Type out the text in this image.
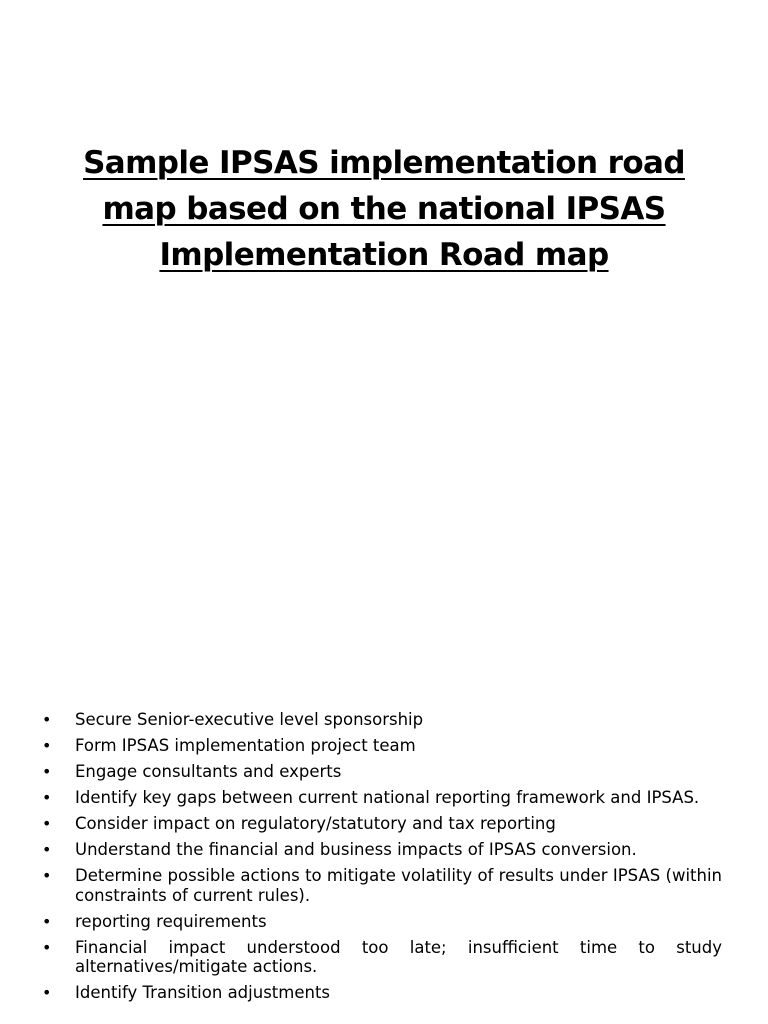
Sample IPSAS implementation road
map based on the national IPSAS
Implementation Road map
• Secure Senior-executive level sponsorship
• Form IPSAS implementation project team
• Engage consultants and experts
• Identify key gaps between current national reporting framework and IPSAS.
• Consider impact on regulatory/statutory and tax reporting
• Understand the financial and business impacts of IPSAS conversion.
• Determine possible actions to mitigate volatility of results under IPSAS (within constraints of current rules).
• reporting requirements
• Financial impact understood too late; insufficient time to study alternatives/mitigate actions.
• Identify Transition adjustments
